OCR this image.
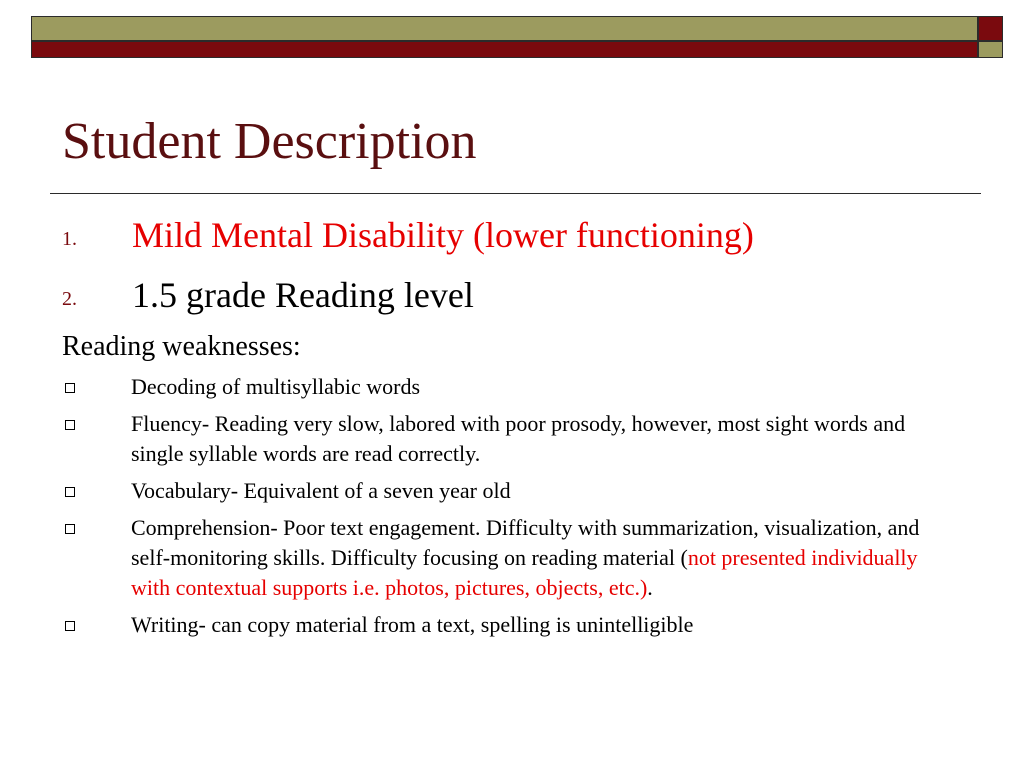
Student Description
1. Mild Mental Disability (lower functioning)
2. 1.5 grade Reading level
Reading weaknesses:
Decoding of multisyllabic words
Fluency- Reading very slow, labored with poor prosody, however, most sight words and single syllable words are read correctly.
Vocabulary- Equivalent of a seven year old
Comprehension- Poor text engagement. Difficulty with summarization, visualization, and self-monitoring skills. Difficulty focusing on reading material (not presented individually with contextual supports i.e. photos, pictures, objects, etc.).
Writing- can copy material from a text, spelling is unintelligible
